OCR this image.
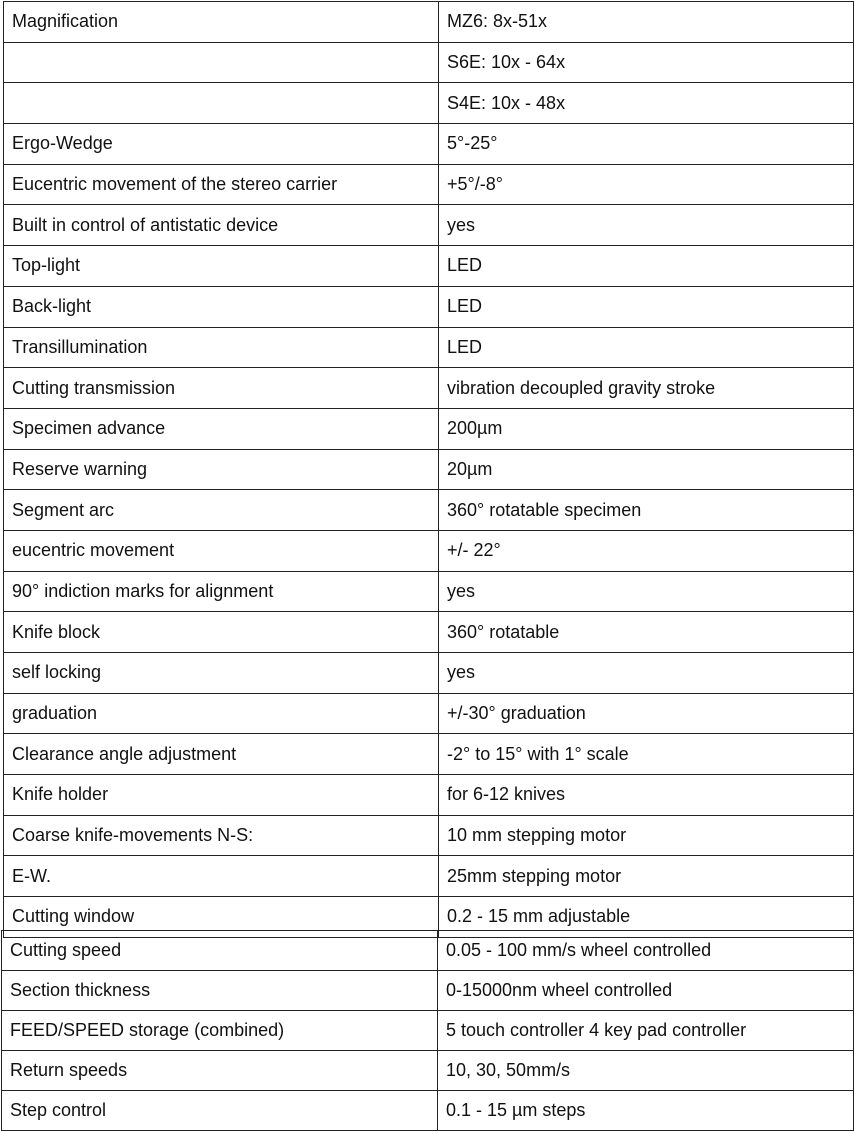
Magnification	MZ6: 8x-51x
	S6E: 10x - 64x
	S4E: 10x - 48x
Ergo-Wedge	5°-25°
Eucentric movement of the stereo carrier	+5°/-8°
Built in control of antistatic device	yes
Top-light	LED
Back-light	LED
Transillumination	LED
Cutting transmission	vibration decoupled gravity stroke
Specimen advance	200µm
Reserve warning	20µm
Segment arc	360° rotatable specimen
eucentric movement	+/- 22°
90° indiction marks for alignment	yes
Knife block	360° rotatable
self locking	yes
graduation	+/-30° graduation
Clearance angle adjustment	-2° to 15° with 1° scale
Knife holder	for 6-12 knives
Coarse knife-movements N-S:	10 mm stepping motor
E-W.	25mm stepping motor
Cutting window	0.2 - 15 mm adjustable
Cutting speed	0.05 - 100 mm/s wheel controlled
Section thickness	0-15000nm wheel controlled
FEED/SPEED storage (combined)	5 touch controller 4 key pad controller
Return speeds	10, 30, 50mm/s
Step control	0.1 - 15 µm steps
